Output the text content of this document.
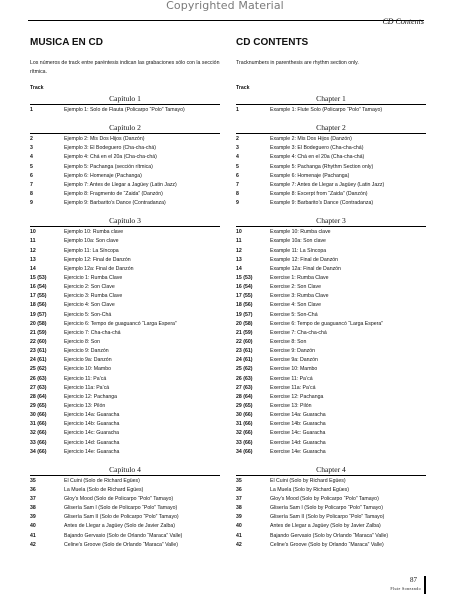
Copyrighted Material
CD Contents
MUSICA EN CD
Los números de track entre paréntesis indican las grabaciones sólo con la sección rítmica.
Track
Capítulo 1
1	Ejemplo 1: Solo de Flauta (Policarpo “Polo” Tamayo)
Capítulo 2
2	Ejemplo 2: Mis Dos Hijos (Danzón)
3	Ejemplo 3: El Bodeguero (Cha-cha-chá)
4	Ejemplo 4: Chá en el 20a (Cha-cha-chá)
5	Ejemplo 5: Pachanga (sección rítmica)
6	Ejemplo 6: Homenaje (Pachanga)
7	Ejemplo 7: Antes de Llegar a Jagüey (Latin Jazz)
8	Ejemplo 8: Fragmento de “Zaida” (Danzón)
9	Ejemplo 9: Barbarito’s Dance (Contradanza)
Capítulo 3
10	Ejemplo 10: Rumba clave
11	Ejemplo 10a: Son clave
12	Ejemplo 11: La Síncopa
13	Ejemplo 12: Final de Danzón
14	Ejemplo 12a: Final de Danzón
15 (53)	Ejercicio 1: Rumba Clave
16 (54)	Ejercicio 2: Son Clave
17 (55)	Ejercicio 3: Rumba Clave
18 (56)	Ejercicio 4: Son Clave
19 (57)	Ejercicio 5: Son-Chá
20 (58)	Ejercicio 6: Tempo de guaguancó “Larga Espera”
21 (59)	Ejercicio 7: Cha-cha-chá
22 (60)	Ejercicio 8: Son
23 (61)	Ejercicio 9: Danzón
24 (61)	Ejercicio 9a: Danzón
25 (62)	Ejercicio 10: Mambo
26 (63)	Ejercicio 11: Pa’cá
27 (63)	Ejercicio 11a: Pa’cá
28 (64)	Ejercicio 12: Pachanga
29 (65)	Ejercicio 13: Pilón
30 (66)	Ejercicio 14a: Guaracha
31 (66)	Ejercicio 14b: Guaracha
32 (66)	Ejercicio 14c: Guaracha
33 (66)	Ejercicio 14d: Guaracha
34 (66)	Ejercicio 14e: Guaracha
Capítulo 4
35	El Cuini (Solo de Richard Egües)
36	La Muela (Solo de Richard Egües)
37	Gloy’s Mood (Solo de Policarpo “Polo” Tamayo)
38	Glisería Sam I (Solo de Policarpo “Polo” Tamayo)
39	Glisería Sam II (Solo de Policarpo “Polo” Tamayo)
40	Antes de Llegar a Jagüey (Solo de Javier Zalba)
41	Bajando Gervasio (Solo de Orlando “Maraca” Valle)
42	Celine’s Groove (Solo de Orlando “Maraca” Valle)
CD CONTENTS
Tracknumbers in parenthesis are rhythm section only.
Track
Chapter 1
1	Example 1: Flute Solo (Policarpo “Polo” Tamayo)
Chapter 2
2	Example 2: Mis Dos Hijos (Danzón)
3	Example 3: El Bodeguero (Cha-cha-chá)
4	Example 4: Chá en el 20a (Cha-cha-chá)
5	Example 5: Pachanga (Rhythm Section only)
6	Example 6: Homenaje (Pachanga)
7	Example 7: Antes de Llegar a Jagüey (Latin Jazz)
8	Example 8: Excerpt from “Zaida” (Danzón)
9	Example 9: Barbarito’s Dance (Contradanza)
Chapter 3
10	Example 10: Rumba clave
11	Example 10a: Son clave
12	Example 11: La Síncopa
13	Example 12: Final de Danzón
14	Example 12a: Final de Danzón
15 (53)	Exercise 1: Rumba Clave
16 (54)	Exercise 2: Son Clave
17 (55)	Exercise 3: Rumba Clave
18 (56)	Exercise 4: Son Clave
19 (57)	Exercise 5: Son-Chá
20 (58)	Exercise 6: Tempo de guaguancó “Larga Espera”
21 (59)	Exercise 7: Cha-cha-chá
22 (60)	Exercise 8: Son
23 (61)	Exercise 9: Danzón
24 (61)	Exercise 9a: Danzón
25 (62)	Exercise 10: Mambo
26 (63)	Exercise 11: Pa’cá
27 (63)	Exercise 11a: Pa’cá
28 (64)	Exercise 12: Pachanga
29 (65)	Exercise 13: Pilón
30 (66)	Exercise 14a: Guaracha
31 (66)	Exercise 14b: Guaracha
32 (66)	Exercise 14c: Guaracha
33 (66)	Exercise 14d: Guaracha
34 (66)	Exercise 14e: Guaracha
Chapter 4
35	El Cuini (Solo by Richard Egües)
36	La Muela (Solo by Richard Egües)
37	Gloy’s Mood (Solo by Policarpo “Polo” Tamayo)
38	Glisería Sam I (Solo by Policarpo “Polo” Tamayo)
39	Glisería Sam II (Solo by Policarpo “Polo” Tamayo)
40	Antes de Llegar a Jagüey (Solo by Javier Zalba)
41	Bajando Gervasio (Solo by Orlando “Maraca” Valle)
42	Celine’s Groove (Solo by Orlando “Maraca” Valle)
87
Flute Soneando
